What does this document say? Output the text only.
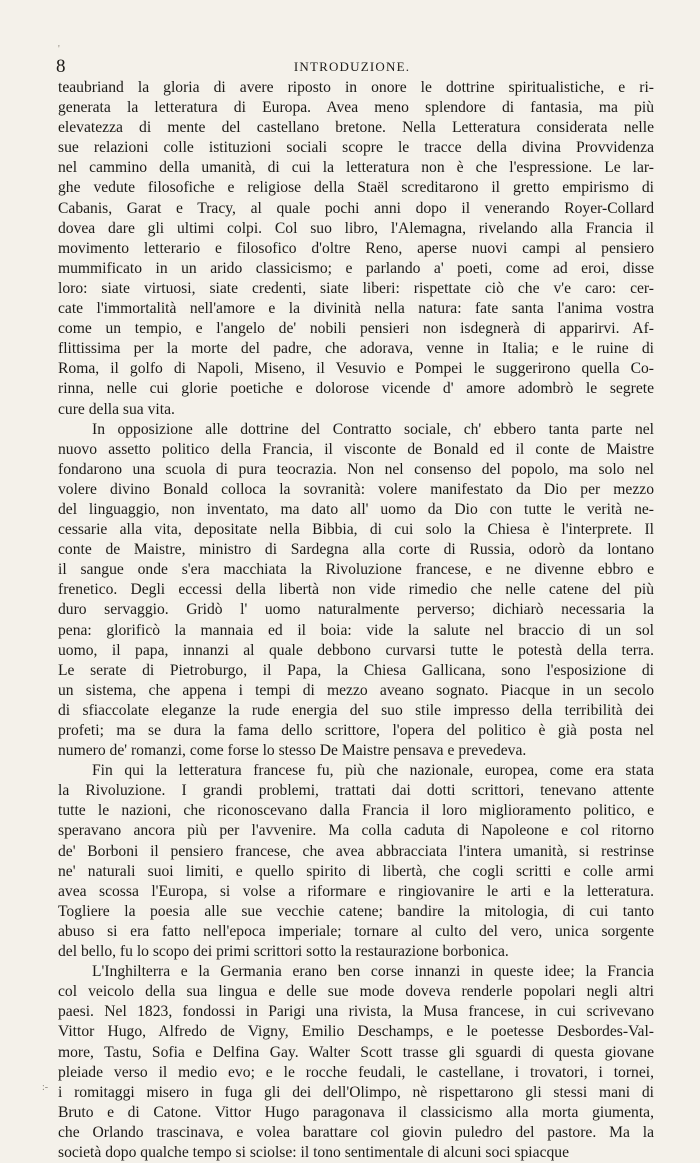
8	INTRODUZIONE.

teaubriand la gloria di avere riposto in onore le dottrine spiritualistiche, e ri-
generata la letteratura di Europa. Avea meno splendore di fantasia, ma più
elevatezza di mente del castellano bretone. Nella Letteratura considerata nelle
sue relazioni colle istituzioni sociali scopre le tracce della divina Provvidenza
nel cammino della umanità, di cui la letteratura non è che l'espressione. Le lar-
ghe vedute filosofiche e religiose della Staël screditarono il gretto empirismo di
Cabanis, Garat e Tracy, al quale pochi anni dopo il venerando Royer-Collard
dovea dare gli ultimi colpi. Col suo libro, l'Alemagna, rivelando alla Francia il
movimento letterario e filosofico d'oltre Reno, aperse nuovi campi al pensiero
mummificato in un arido classicismo; e parlando a' poeti, come ad eroi, disse
loro: siate virtuosi, siate credenti, siate liberi: rispettate ciò che v'e caro: cer-
cate l'immortalità nell'amore e la divinità nella natura: fate santa l'anima vostra
come un tempio, e l'angelo de' nobili pensieri non isdegnerà di apparirvi. Af-
flittissima per la morte del padre, che adorava, venne in Italia; e le ruine di
Roma, il golfo di Napoli, Miseno, il Vesuvio e Pompei le suggerirono quella Co-
rinna, nelle cui glorie poetiche e dolorose vicende d' amore adombrò le segrete
cure della sua vita.

In opposizione alle dottrine del Contratto sociale, ch' ebbero tanta parte nel
nuovo assetto politico della Francia, il visconte de Bonald ed il conte de Maistre
fondarono una scuola di pura teocrazia. Non nel consenso del popolo, ma solo nel
volere divino Bonald colloca la sovranità: volere manifestato da Dio per mezzo
del linguaggio, non inventato, ma dato all' uomo da Dio con tutte le verità ne-
cessarie alla vita, depositate nella Bibbia, di cui solo la Chiesa è l'interprete. Il
conte de Maistre, ministro di Sardegna alla corte di Russia, odorò da lontano
il sangue onde s'era macchiata la Rivoluzione francese, e ne divenne ebbro e
frenetico. Degli eccessi della libertà non vide rimedio che nelle catene del più
duro servaggio. Gridò l' uomo naturalmente perverso; dichiarò necessaria la
pena: glorificò la mannaia ed il boia: vide la salute nel braccio di un sol
uomo, il papa, innanzi al quale debbono curvarsi tutte le potestà della terra.
Le serate di Pietroburgo, il Papa, la Chiesa Gallicana, sono l'esposizione di
un sistema, che appena i tempi di mezzo aveano sognato. Piacque in un secolo
di sfiaccolate eleganze la rude energia del suo stile impresso della terribilità dei
profeti; ma se dura la fama dello scrittore, l'opera del politico è già posta nel
numero de' romanzi, come forse lo stesso De Maistre pensava e prevedeva.

Fin qui la letteratura francese fu, più che nazionale, europea, come era stata
la Rivoluzione. I grandi problemi, trattati dai dotti scrittori, tenevano attente
tutte le nazioni, che riconoscevano dalla Francia il loro miglioramento politico, e
speravano ancora più per l'avvenire. Ma colla caduta di Napoleone e col ritorno
de' Borboni il pensiero francese, che avea abbracciata l'intera umanità, si restrinse
ne' naturali suoi limiti, e quello spirito di libertà, che cogli scritti e colle armi
avea scossa l'Europa, si volse a riformare e ringiovanire le arti e la letteratura.
Togliere la poesia alle sue vecchie catene; bandire la mitologia, di cui tanto
abuso si era fatto nell'epoca imperiale; tornare al culto del vero, unica sorgente
del bello, fu lo scopo dei primi scrittori sotto la restaurazione borbonica.

L'Inghilterra e la Germania erano ben corse innanzi in queste idee; la Francia
col veicolo della sua lingua e delle sue mode doveva renderle popolari negli altri
paesi. Nel 1823, fondossi in Parigi una rivista, la Musa francese, in cui scrivevano
Vittor Hugo, Alfredo de Vigny, Emilio Deschamps, e le poetesse Desbordes-Val-
more, Tastu, Sofia e Delfina Gay. Walter Scott trasse gli sguardi di questa giovane
pleiade verso il medio evo; e le rocche feudali, le castellane, i trovatori, i tornei,
i romitaggi misero in fuga gli dei dell'Olimpo, nè rispettarono gli stessi mani di
Bruto e di Catone. Vittor Hugo paragonava il classicismo alla morta giumenta,
che Orlando trascinava, e volea barattare col giovin puledro del pastore. Ma la
società dopo qualche tempo si sciolse: il tono sentimentale di alcuni soci spiacque

'
:-
